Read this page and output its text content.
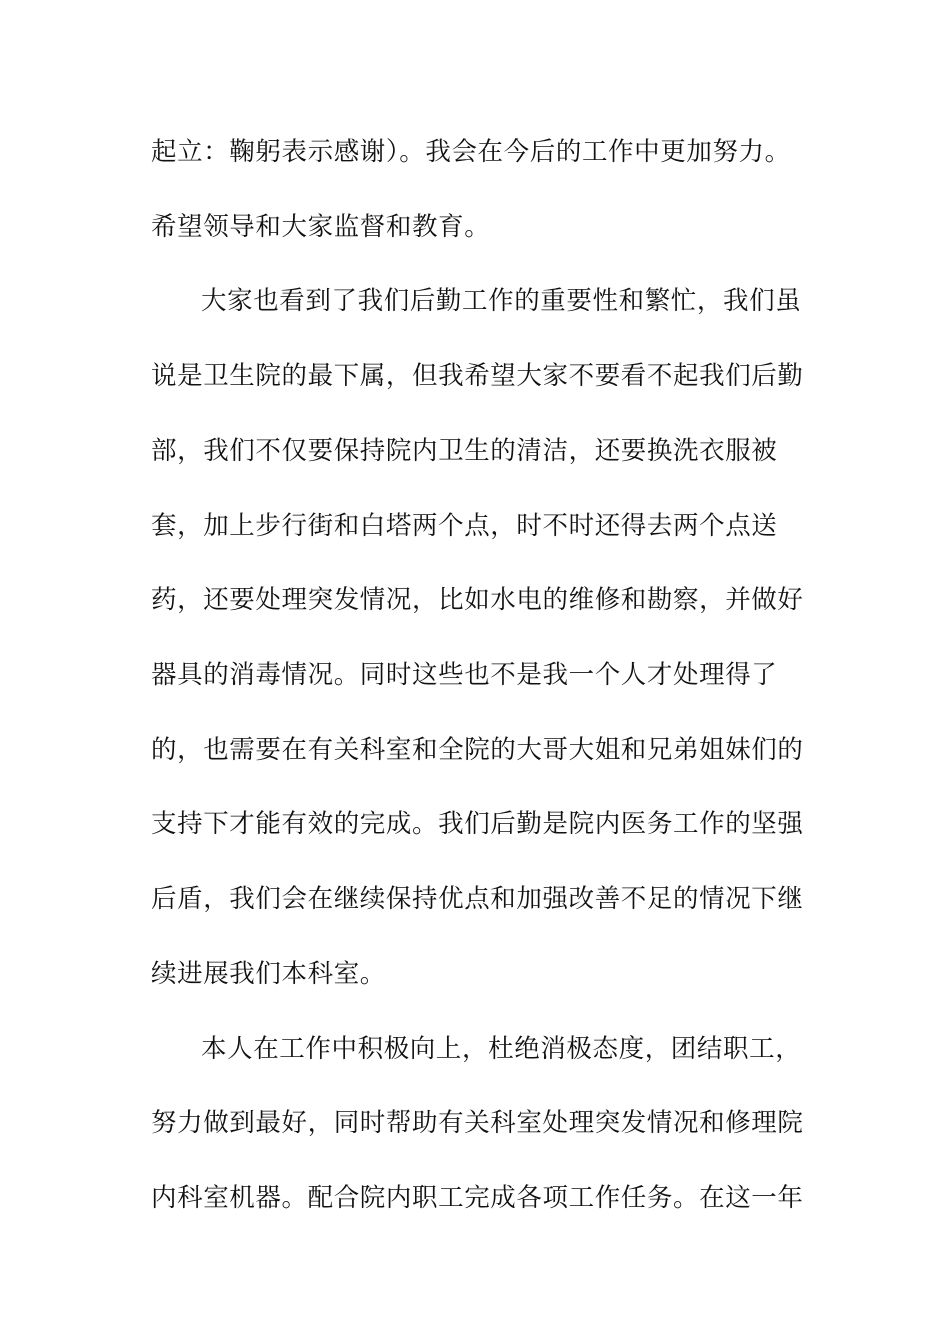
起立：鞠躬表示感谢）。我会在今后的工作中更加努力。
希望领导和大家监督和教育。
大家也看到了我们后勤工作的重要性和繁忙，我们虽
说是卫生院的最下属，但我希望大家不要看不起我们后勤
部，我们不仅要保持院内卫生的清洁，还要换洗衣服被
套，加上步行街和白塔两个点，时不时还得去两个点送
药，还要处理突发情况，比如水电的维修和勘察，并做好
器具的消毒情况。同时这些也不是我一个人才处理得了
的，也需要在有关科室和全院的大哥大姐和兄弟姐妹们的
支持下才能有效的完成。我们后勤是院内医务工作的坚强
后盾，我们会在继续保持优点和加强改善不足的情况下继
续进展我们本科室。
本人在工作中积极向上，杜绝消极态度，团结职工，
努力做到最好，同时帮助有关科室处理突发情况和修理院
内科室机器。配合院内职工完成各项工作任务。在这一年
